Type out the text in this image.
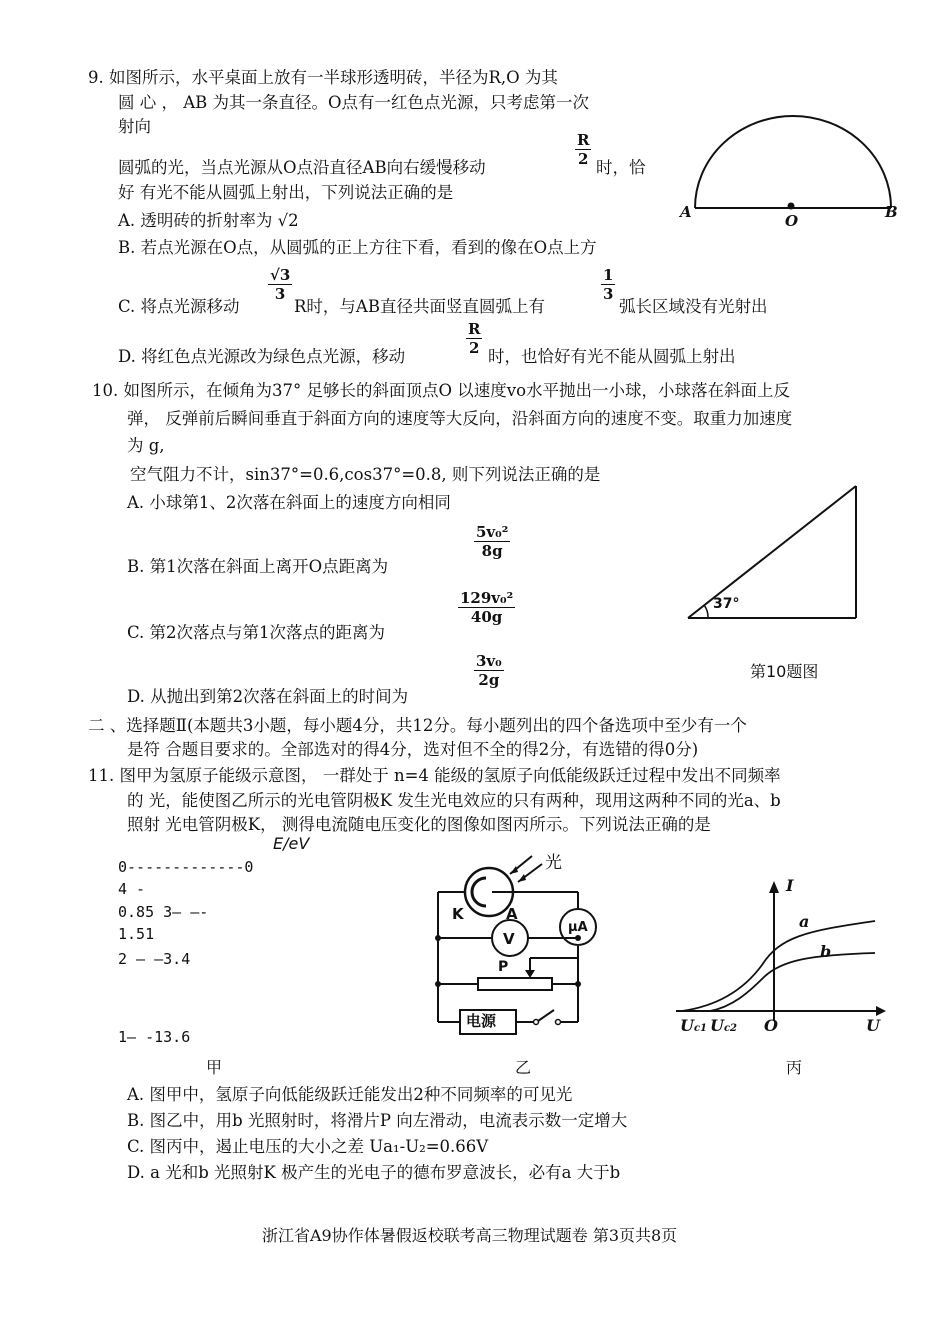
9. 如图所示，水平桌面上放有一半球形透明砖，半径为R,O 为其
圆 心 ， AB 为其一条直径。O点有一红色点光源，只考虑第一次
射向
圆弧的光，当点光源从O点沿直径AB向右缓慢移动	$\frac{R}{2}$ 时，恰
好 有光不能从圆弧上射出，下列说法正确的是
A. 透明砖的折射率为 √2
B. 若点光源在O点，从圆弧的正上方往下看，看到的像在O点上方
C. 将点光源移动
$\frac{√3}{3}$
R时，与AB直径共面竖直圆弧上有
$\frac{1}{3}$
弧长区域没有光射出
D. 将红色点光源改为绿色点光源，移动	$\frac{R}{2}$ 时，也恰好有光不能从圆弧上射出
A	O	B
10. 如图所示，在倾角为37° 足够长的斜面顶点O 以速度vo水平抛出一小球，小球落在斜面上反
弹， 反弹前后瞬间垂直于斜面方向的速度等大反向，沿斜面方向的速度不变。取重力加速度
为 g,
空气阻力不计，sin37°=0.6,cos37°=0.8, 则下列说法正确的是
A. 小球第1、2次落在斜面上的速度方向相同
B. 第1次落在斜面上离开O点距离为
$\frac{\text{5v₀²}}{8g}$
C. 第2次落点与第1次落点的距离为
$\frac{\text{129v₀²}}{40g}$
D. 从抛出到第2次落在斜面上的时间为
$\frac{\text{3v₀}}{2g}$
37°
第10题图
二 、选择题Ⅱ(本题共3小题，每小题4分，共12分。每小题列出的四个备选项中至少有一个
是符 合题目要求的。全部选对的得4分，选对但不全的得2分，有选错的得0分)
11. 图甲为氢原子能级示意图， 一群处于 n=4 能级的氢原子向低能级跃迁过程中发出不同频率
的 光，能使图乙所示的光电管阴极K 发生光电效应的只有两种，现用这两种不同的光a、b
照射 光电管阴极K， 测得电流随电压变化的图像如图丙所示。下列说法正确的是
E/eV
0-------------0
4 -
0.85 3— —-
1.51
2 — —3.4
1— -13.6
光
K	A
μA
V
P
电源
I
a
b
U
O
Uc1 Uc2
甲	乙	丙
A. 图甲中，氢原子向低能级跃迁能发出2种不同频率的可见光
B. 图乙中，用b 光照射时，将滑片P 向左滑动，电流表示数一定增大
C. 图丙中，遏止电压的大小之差 Ua₁-U₂=0.66V
D. a 光和b 光照射K 极产生的光电子的德布罗意波长，必有a 大于b
浙江省A9协作体暑假返校联考高三物理试题卷 第3页共8页
